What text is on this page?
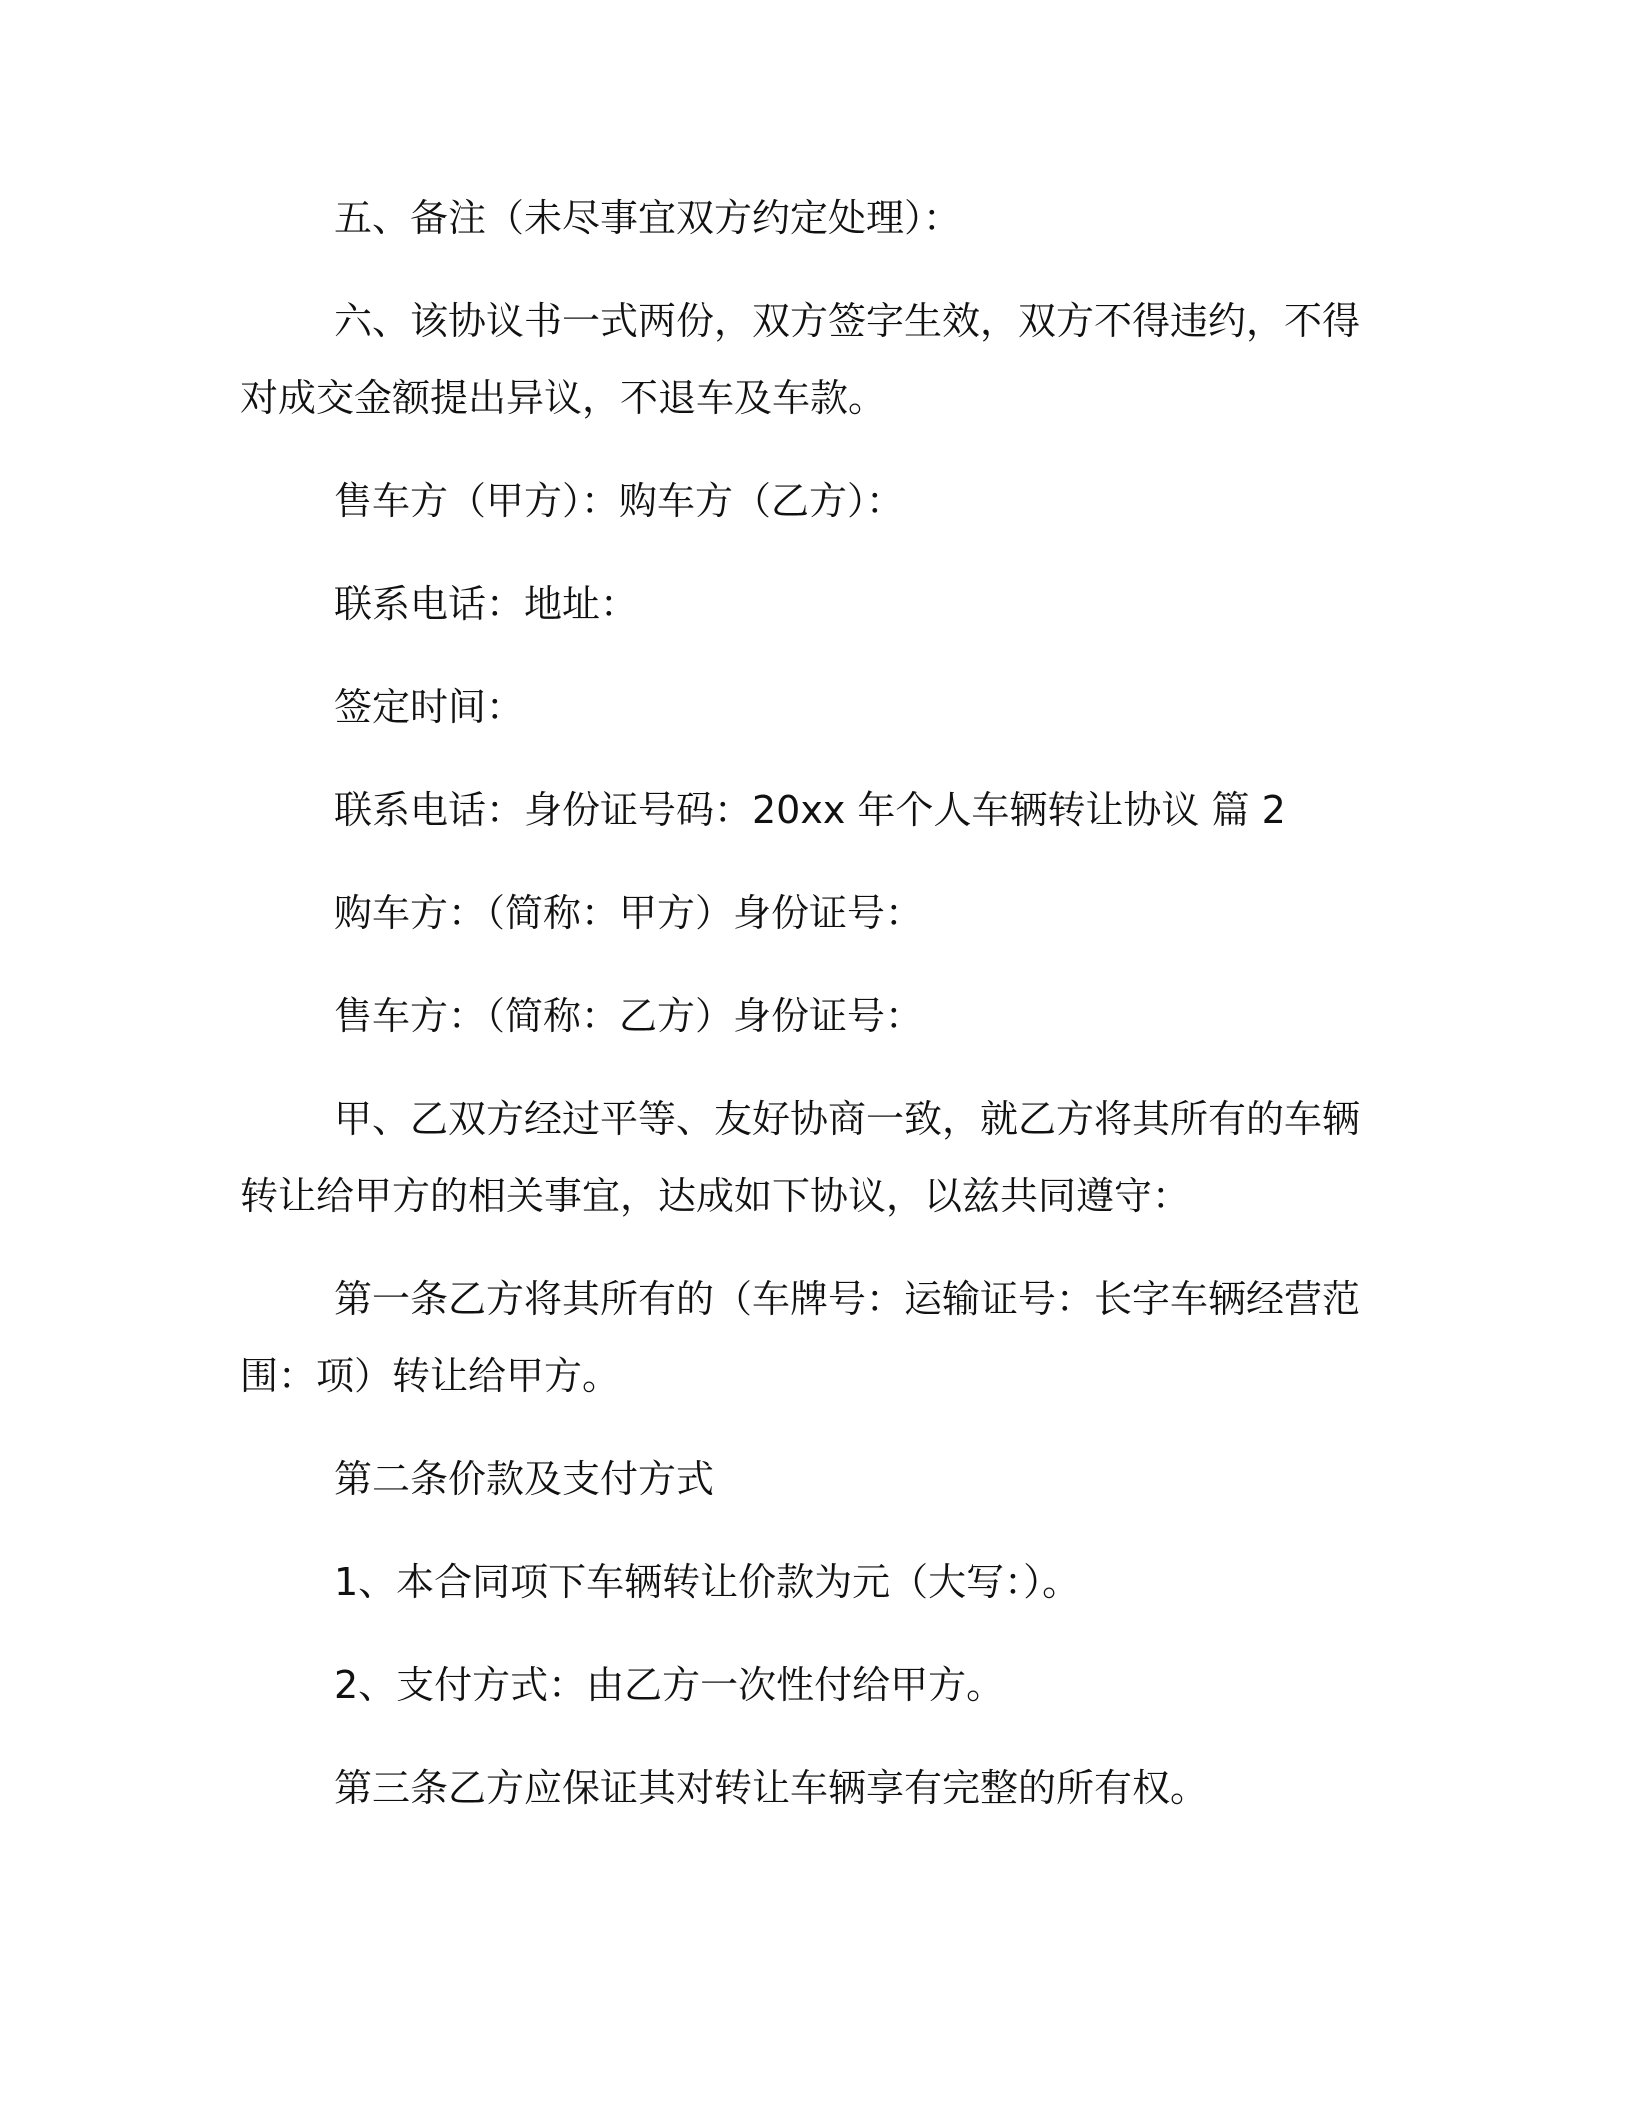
五、备注（未尽事宜双方约定处理）：

六、该协议书一式两份，双方签字生效，双方不得违约，不得对成交金额提出异议，不退车及车款。

售车方（甲方）：购车方（乙方）：

联系电话：地址：

签定时间：

联系电话：身份证号码：20xx 年个人车辆转让协议 篇 2

购车方：（简称：甲方）身份证号：

售车方：（简称：乙方）身份证号：

甲、乙双方经过平等、友好协商一致，就乙方将其所有的车辆转让给甲方的相关事宜，达成如下协议，以兹共同遵守：

第一条乙方将其所有的（车牌号：运输证号：长字车辆经营范围：项）转让给甲方。

第二条价款及支付方式

1、本合同项下车辆转让价款为元（大写：）。

2、支付方式：由乙方一次性付给甲方。

第三条乙方应保证其对转让车辆享有完整的所有权。
